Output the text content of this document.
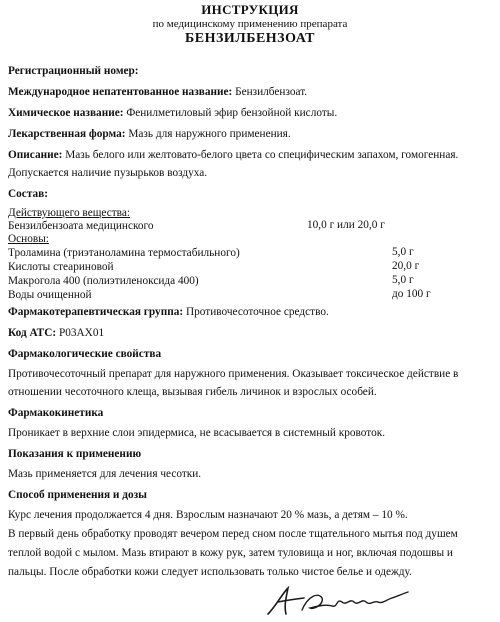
ИНСТРУКЦИЯ
по медицинскому применению препарата
БЕНЗИЛБЕНЗОАТ
Регистрационный номер:
Международное непатентованное название: Бензилбензоат.
Химическое название: Фенилметиловый эфир бензойной кислоты.
Лекарственная форма: Мазь для наружного применения.
Описание: Мазь белого или желтовато-белого цвета со специфическим запахом, гомогенная.
Допускается наличие пузырьков воздуха.
Состав:
Действующего вещества:
Бензилбензоата медицинского	10,0 г или 20,0 г
Основы:
Троламина (триэтаноламина термостабильного)	5,0 г
Кислоты стеариновой	20,0 г
Макрогола 400 (полиэтиленоксида 400)	5,0 г
Воды очищенной	до 100 г
Фармакотерапевтическая группа: Противочесоточное средство.
Код АТС: P03AX01
Фармакологические свойства
Противочесоточный препарат для наружного применения. Оказывает токсическое действие в
отношении чесоточного клеща, вызывая гибель личинок и взрослых особей.
Фармакокинетика
Проникает в верхние слои эпидермиса, не всасывается в системный кровоток.
Показания к применению
Мазь применяется для лечения чесотки.
Способ применения и дозы
Курс лечения продолжается 4 дня. Взрослым назначают 20 % мазь, а детям – 10 %.
В первый день обработку проводят вечером перед сном после тщательного мытья под душем
теплой водой с мылом. Мазь втирают в кожу рук, затем туловища и ног, включая подошвы и
пальцы. После обработки кожи следует использовать только чистое белье и одежду.
